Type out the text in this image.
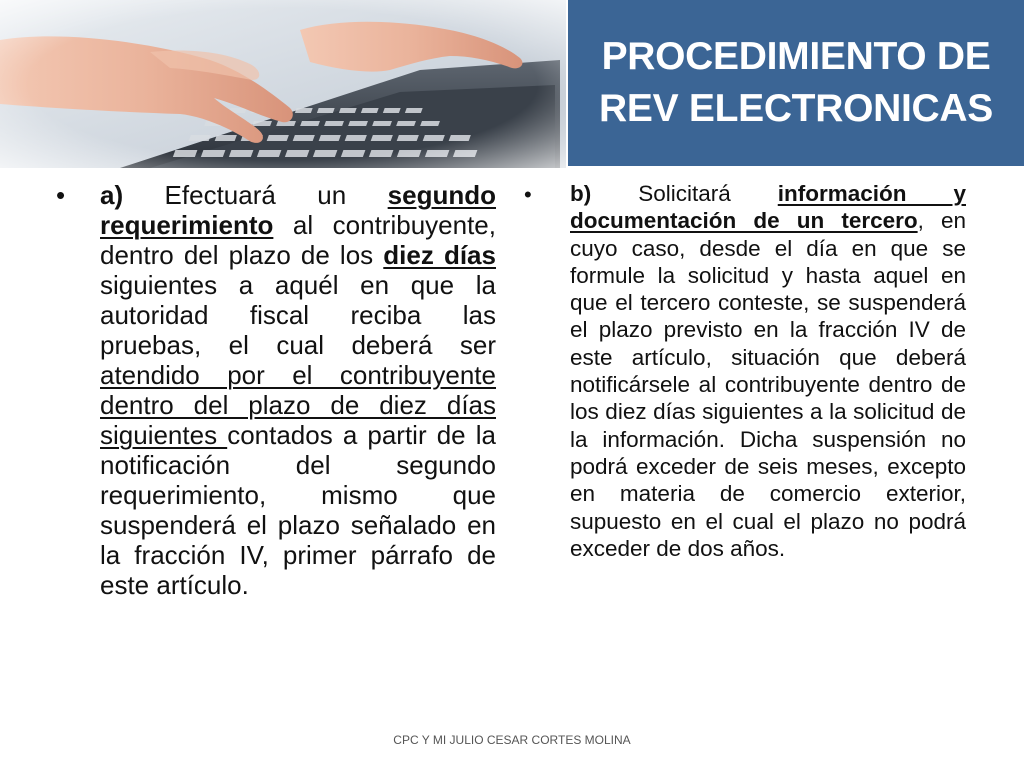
PROCEDIMIENTO DE
REV ELECTRONICAS
•	a) Efectuará un segundo requerimiento al contribuyente, dentro del plazo de los diez días siguientes a aquél en que la autoridad fiscal reciba las pruebas, el cual deberá ser atendido por el contribuyente dentro del plazo de diez días siguientes contados a partir de la notificación del segundo requerimiento, mismo que suspenderá el plazo señalado en la fracción IV, primer párrafo de este artículo.

•	b) Solicitará información y documentación de un tercero, en cuyo caso, desde el día en que se formule la solicitud y hasta aquel en que el tercero conteste, se suspenderá el plazo previsto en la fracción IV de este artículo, situación que deberá notificársele al contribuyente dentro de los diez días siguientes a la solicitud de la información. Dicha suspensión no podrá exceder de seis meses, excepto en materia de comercio exterior, supuesto en el cual el plazo no podrá exceder de dos años.

CPC Y MI JULIO CESAR CORTES MOLINA
